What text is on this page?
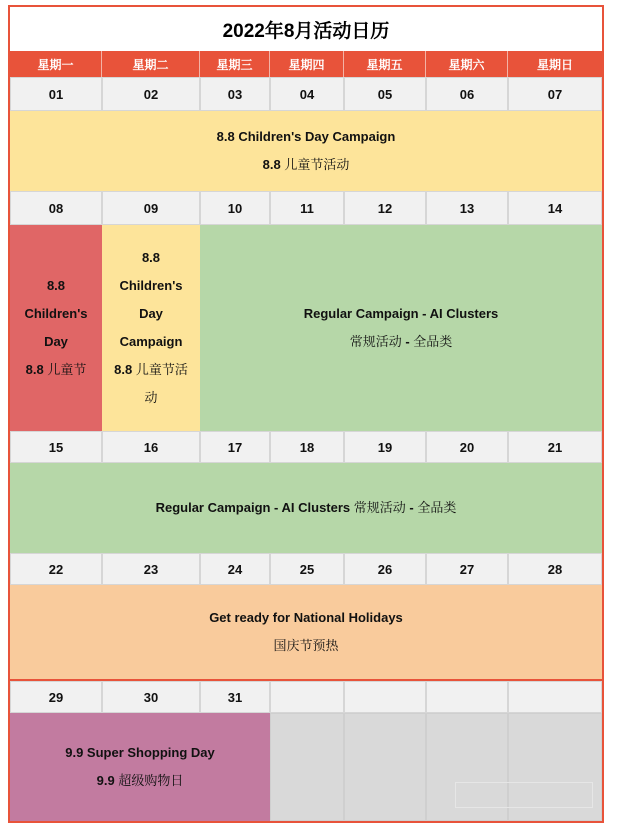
2022年8月活动日历
星期一	星期二	星期三	星期四	星期五	星期六	星期日
01	02	03	04	05	06	07
8.8 Children's Day Campaign
8.8 儿童节活动
08	09	10	11	12	13	14
8.8
Children's
Day
8.8 儿童节
8.8
Children's
Day
Campaign
8.8 儿童节活
动
Regular Campaign - AI Clusters
常规活动 - 全品类
15	16	17	18	19	20	21
Regular Campaign - AI Clusters 常规活动 - 全品类
22	23	24	25	26	27	28
Get ready for National Holidays
国庆节预热
29	30	31
9.9 Super Shopping Day
9.9 超级购物日
